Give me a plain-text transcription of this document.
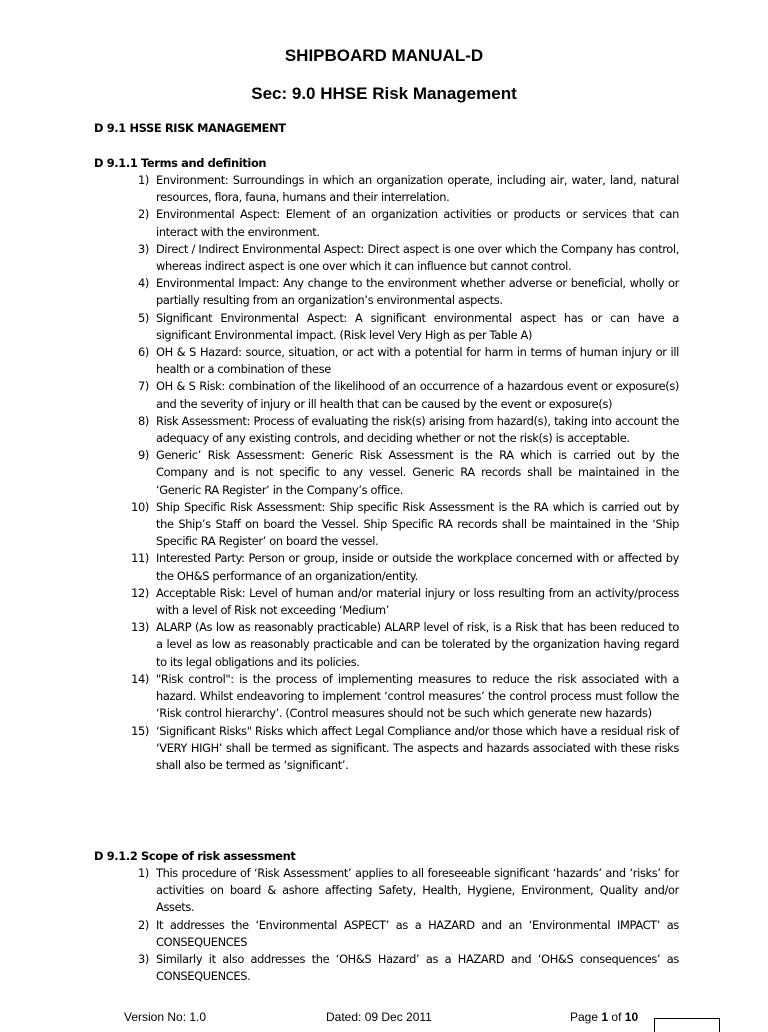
SHIPBOARD MANUAL-D
Sec: 9.0 HHSE Risk Management
D 9.1 HSSE RISK MANAGEMENT
D 9.1.1 Terms and definition
1) Environment: Surroundings in which an organization operate, including air, water, land, natural resources, flora, fauna, humans and their interrelation.
2) Environmental Aspect: Element of an organization activities or products or services that can interact with the environment.
3) Direct / Indirect Environmental Aspect: Direct aspect is one over which the Company has control, whereas indirect aspect is one over which it can influence but cannot control.
4) Environmental Impact: Any change to the environment whether adverse or beneficial, wholly or partially resulting from an organization’s environmental aspects.
5) Significant Environmental Aspect: A significant environmental aspect has or can have a significant Environmental impact. (Risk level Very High as per Table A)
6) OH & S Hazard: source, situation, or act with a potential for harm in terms of human injury or ill health or a combination of these
7) OH & S Risk: combination of the likelihood of an occurrence of a hazardous event or exposure(s) and the severity of injury or ill health that can be caused by the event or exposure(s)
8) Risk Assessment: Process of evaluating the risk(s) arising from hazard(s), taking into account the adequacy of any existing controls, and deciding whether or not the risk(s) is acceptable.
9) Generic’ Risk Assessment: Generic Risk Assessment is the RA which is carried out by the Company and is not specific to any vessel. Generic RA records shall be maintained in the ‘Generic RA Register’ in the Company’s office.
10) Ship Specific Risk Assessment: Ship specific Risk Assessment is the RA which is carried out by the Ship’s Staff on board the Vessel. Ship Specific RA records shall be maintained in the ‘Ship Specific RA Register’ on board the vessel.
11) Interested Party: Person or group, inside or outside the workplace concerned with or affected by the OH&S performance of an organization/entity.
12) Acceptable Risk: Level of human and/or material injury or loss resulting from an activity/process with a level of Risk not exceeding ‘Medium’
13) ALARP (As low as reasonably practicable) ALARP level of risk, is a Risk that has been reduced to a level as low as reasonably practicable and can be tolerated by the organization having regard to its legal obligations and its policies.
14) "Risk control": is the process of implementing measures to reduce the risk associated with a hazard. Whilst endeavoring to implement ‘control measures’ the control process must follow the ‘Risk control hierarchy’. (Control measures should not be such which generate new hazards)
15) ‘Significant Risks" Risks which affect Legal Compliance and/or those which have a residual risk of ‘VERY HIGH’ shall be termed as significant. The aspects and hazards associated with these risks shall also be termed as ‘significant’.
D 9.1.2 Scope of risk assessment
1) This procedure of ‘Risk Assessment’ applies to all foreseeable significant ‘hazards’ and ‘risks’ for activities on board & ashore affecting Safety, Health, Hygiene, Environment, Quality and/or Assets.
2) It addresses the ‘Environmental ASPECT’ as a HAZARD and an ‘Environmental IMPACT’ as CONSEQUENCES
3) Similarly it also addresses the ‘OH&S Hazard’ as a HAZARD and ‘OH&S consequences’ as CONSEQUENCES.
Version No: 1.0	Dated: 09 Dec 2011	Page 1 of 10
